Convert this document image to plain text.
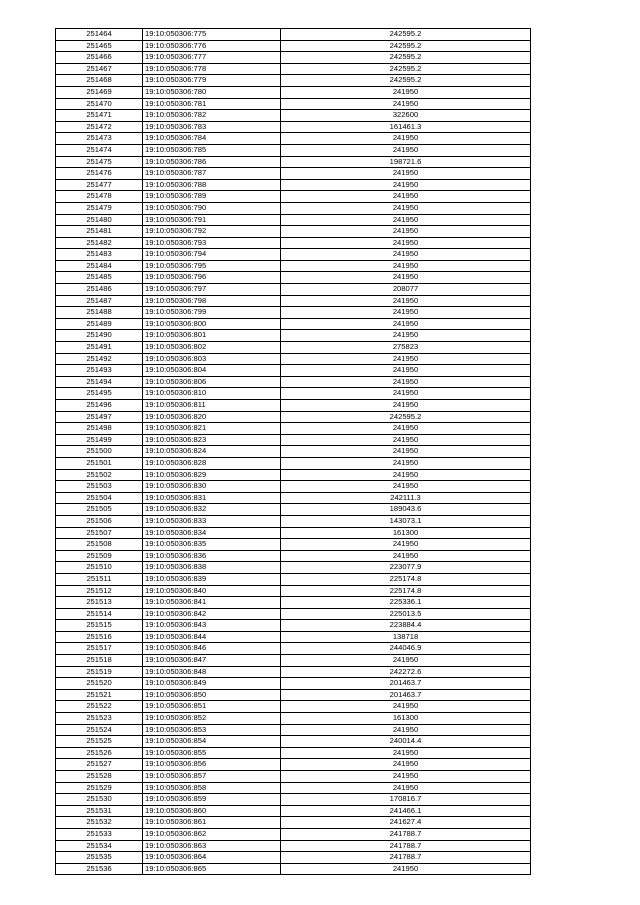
251464	19:10:050306:775	242595.2
251465	19:10:050306:776	242595.2
251466	19:10:050306:777	242595.2
251467	19:10:050306:778	242595.2
251468	19:10:050306:779	242595.2
251469	19:10:050306:780	241950
251470	19:10:050306:781	241950
251471	19:10:050306:782	322600
251472	19:10:050306:783	161461.3
251473	19:10:050306:784	241950
251474	19:10:050306:785	241950
251475	19:10:050306:786	198721.6
251476	19:10:050306:787	241950
251477	19:10:050306:788	241950
251478	19:10:050306:789	241950
251479	19:10:050306:790	241950
251480	19:10:050306:791	241950
251481	19:10:050306:792	241950
251482	19:10:050306:793	241950
251483	19:10:050306:794	241950
251484	19:10:050306:795	241950
251485	19:10:050306:796	241950
251486	19:10:050306:797	208077
251487	19:10:050306:798	241950
251488	19:10:050306:799	241950
251489	19:10:050306:800	241950
251490	19:10:050306:801	241950
251491	19:10:050306:802	275823
251492	19:10:050306:803	241950
251493	19:10:050306:804	241950
251494	19:10:050306:806	241950
251495	19:10:050306:810	241950
251496	19:10:050306:811	241950
251497	19:10:050306:820	242595.2
251498	19:10:050306:821	241950
251499	19:10:050306:823	241950
251500	19:10:050306:824	241950
251501	19:10:050306:828	241950
251502	19:10:050306:829	241950
251503	19:10:050306:830	241950
251504	19:10:050306:831	242111.3
251505	19:10:050306:832	189043.6
251506	19:10:050306:833	143073.1
251507	19:10:050306:834	161300
251508	19:10:050306:835	241950
251509	19:10:050306:836	241950
251510	19:10:050306:838	223077.9
251511	19:10:050306:839	225174.8
251512	19:10:050306:840	225174.8
251513	19:10:050306:841	225336.1
251514	19:10:050306:842	225013.5
251515	19:10:050306:843	223884.4
251516	19:10:050306:844	138718
251517	19:10:050306:846	244046.9
251518	19:10:050306:847	241950
251519	19:10:050306:848	242272.6
251520	19:10:050306:849	201463.7
251521	19:10:050306:850	201463.7
251522	19:10:050306:851	241950
251523	19:10:050306:852	161300
251524	19:10:050306:853	241950
251525	19:10:050306:854	240014.4
251526	19:10:050306:855	241950
251527	19:10:050306:856	241950
251528	19:10:050306:857	241950
251529	19:10:050306:858	241950
251530	19:10:050306:859	170816.7
251531	19:10:050306:860	241466.1
251532	19:10:050306:861	241627.4
251533	19:10:050306:862	241788.7
251534	19:10:050306:863	241788.7
251535	19:10:050306:864	241788.7
251536	19:10:050306:865	241950
